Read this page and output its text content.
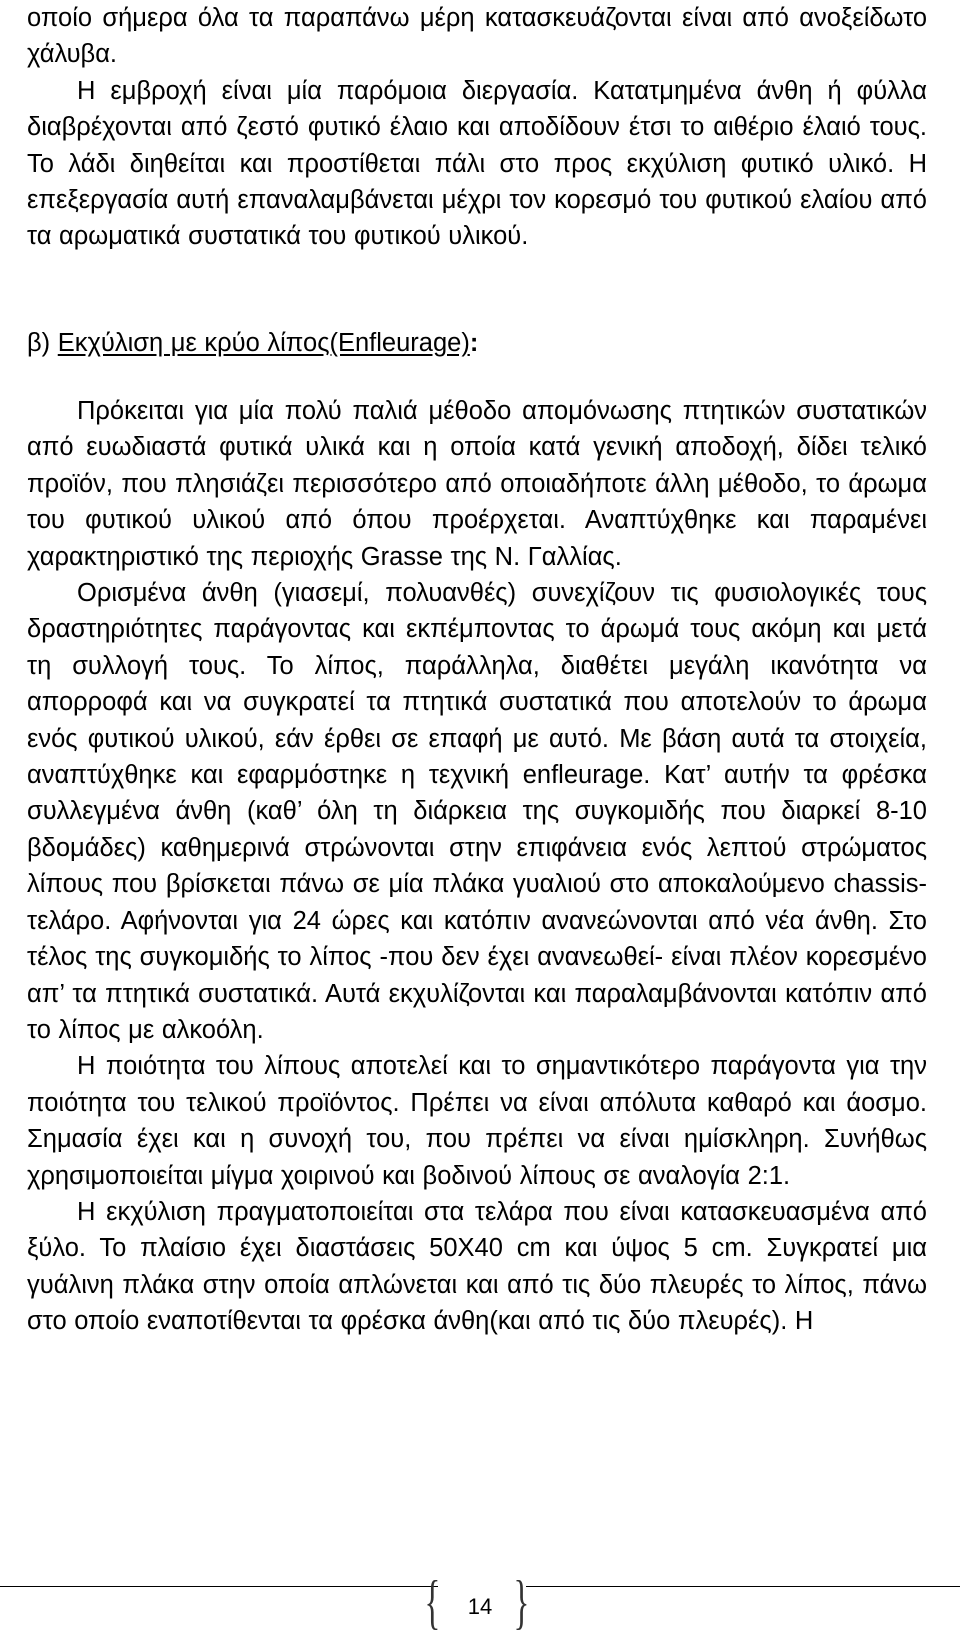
οποίο σήμερα όλα τα παραπάνω μέρη κατασκευάζονται είναι από ανοξείδωτο χάλυβα.

Η εμβροχή είναι μία παρόμοια διεργασία. Κατατμημένα άνθη ή φύλλα διαβρέχονται από ζεστό φυτικό έλαιο και αποδίδουν έτσι το αιθέριο έλαιό τους. Το λάδι διηθείται και προστίθεται πάλι στο προς εκχύλιση φυτικό υλικό. Η επεξεργασία αυτή επαναλαμβάνεται μέχρι τον κορεσμό του φυτικού ελαίου από τα αρωματικά συστατικά του φυτικού υλικού.

β) Εκχύλιση με κρύο λίπος(Enfleurage):

Πρόκειται για μία πολύ παλιά μέθοδο απομόνωσης πτητικών συστατικών από ευωδιαστά φυτικά υλικά και η οποία κατά γενική αποδοχή, δίδει τελικό προϊόν, που πλησιάζει περισσότερο από οποιαδήποτε άλλη μέθοδο, το άρωμα του φυτικού υλικού από όπου προέρχεται. Αναπτύχθηκε και παραμένει χαρακτηριστικό της περιοχής Grasse της Ν. Γαλλίας.

Ορισμένα άνθη (γιασεμί, πολυανθές) συνεχίζουν τις φυσιολογικές τους δραστηριότητες παράγοντας και εκπέμποντας το άρωμά τους ακόμη και μετά τη συλλογή τους. Το λίπος, παράλληλα, διαθέτει μεγάλη ικανότητα να απορροφά και να συγκρατεί τα πτητικά συστατικά που αποτελούν το άρωμα ενός φυτικού υλικού, εάν έρθει σε επαφή με αυτό. Με βάση αυτά τα στοιχεία, αναπτύχθηκε και εφαρμόστηκε η τεχνική enfleurage. Κατ’ αυτήν τα φρέσκα συλλεγμένα άνθη (καθ’ όλη τη διάρκεια της συγκομιδής που διαρκεί 8-10 βδομάδες) καθημερινά στρώνονται στην επιφάνεια ενός λεπτού στρώματος λίπους που βρίσκεται πάνω σε μία πλάκα γυαλιού στο αποκαλούμενο chassis-τελάρο. Αφήνονται για 24 ώρες και κατόπιν ανανεώνονται από νέα άνθη. Στο τέλος της συγκομιδής το λίπος -που δεν έχει ανανεωθεί- είναι πλέον κορεσμένο απ’ τα πτητικά συστατικά. Αυτά εκχυλίζονται και παραλαμβάνονται κατόπιν από το λίπος με αλκοόλη.

Η ποιότητα του λίπους αποτελεί και το σημαντικότερο παράγοντα για την ποιότητα του τελικού προϊόντος. Πρέπει να είναι απόλυτα καθαρό και άοσμο. Σημασία έχει και η συνοχή του, που πρέπει να είναι ημίσκληρη. Συνήθως χρησιμοποιείται μίγμα χοιρινού και βοδινού λίπους σε αναλογία 2:1.

Η εκχύλιση πραγματοποιείται στα τελάρα που είναι κατασκευασμένα από ξύλο. Το πλαίσιο έχει διαστάσεις 50Χ40 cm και ύψος 5 cm. Συγκρατεί μια γυάλινη πλάκα στην οποία απλώνεται και από τις δύο πλευρές το λίπος, πάνω στο οποίο εναποτίθενται τα φρέσκα άνθη(και από τις δύο πλευρές). Η

{	14 }
